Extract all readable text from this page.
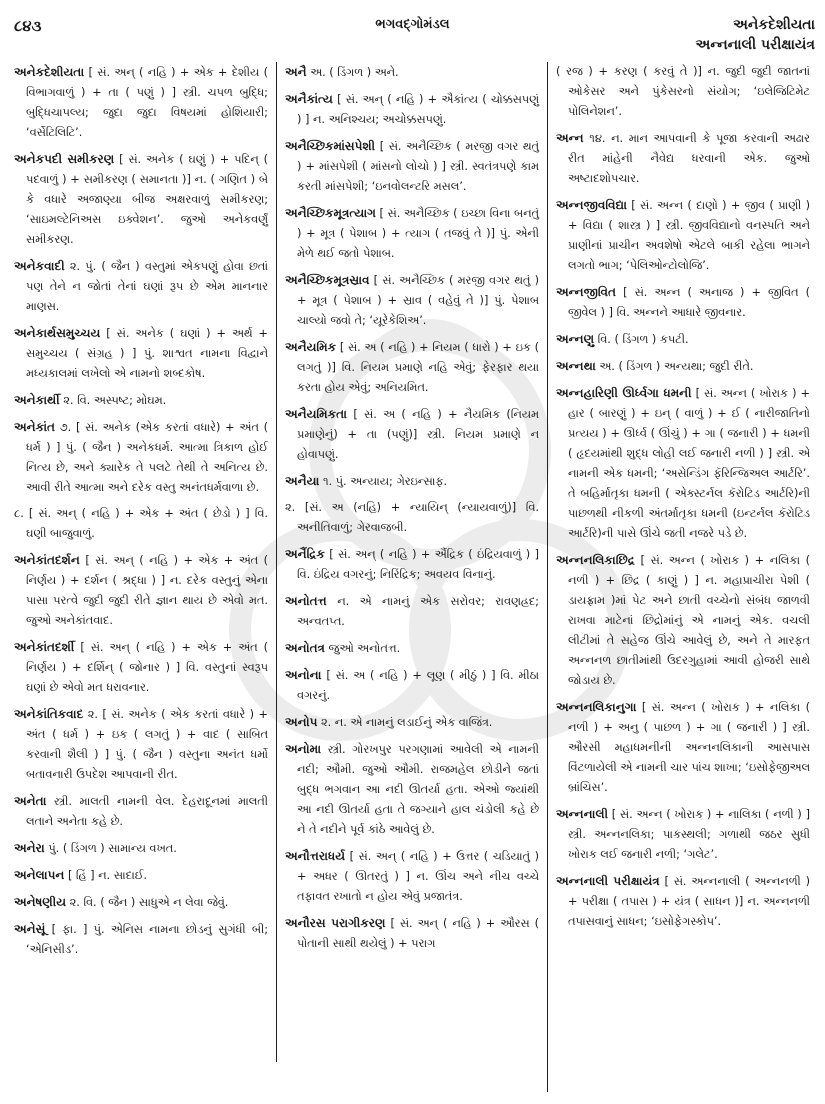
૮૪૩	ભગવદ્ગોમંડલ	અનેકદેશીયતા
અન્નનાલી પરીક્ષાયંત્ર

અનેકદેશીયતા [ સં. અન્ ( નહિ ) + એક + દેશીય ( વિભાગવાળું ) + તા ( પણું ) ] સ્ત્રી. ચપળ બુદ્ધિ; બુદ્ધિચાપલ્ય; જુદા જુદા વિષયમાં હોશિયારી; ‘વર્સેટિલિટિ’.

અનેકપદી સમીકરણ [ સં. અનેક ( ઘણું ) + પદિન્ ( પદવાળું ) + સમીકરણ ( સમાનતા )] ન. ( ગણિત ) બે કે વધારે અજાણ્યા બીજ અક્ષરવાળું સમીકરણ; ‘સાઇમલ્ટેનિઅસ ઇક્વેશન’. જુઓ અનેકવર્ણું સમીકરણ.

અનેકવાદી ૨. પું. ( જૈન ) વસ્તુમાં એકપણું હોવા છતાં પણ તેને ન જોતાં તેનાં ઘણાં રૂપ છે એમ માનનાર માણસ.

અનેકાર્થસમુચ્ચય [ સં. અનેક ( ઘણાં ) + અર્થ + સમુચ્ચય ( સંગ્રહ ) ] પું. શાશ્વત નામના વિદ્વાને મધ્યકાલમાં લખેલો એ નામનો શબ્દકોષ.

અનેકાર્થી ૨. વિ. અસ્પષ્ટ; મોઘમ.

અનેકાંત ૭. [ સં. અનેક (એક કરતાં વધારે) + અંત ( ધર્મ ) ] પું. ( જૈન ) અનેકધર્મ. આત્મા ત્રિકાળ હોઈ નિત્ય છે, અને ક્યારેક તે પલટે તેથી તે અનિત્ય છે. આવી રીતે આત્મા અને દરેક વસ્તુ અનંતધર્મવાળા છે.

૮. [ સં. અન્ ( નહિ ) + એક + અંત ( છેડો ) ] વિ. ઘણી બાજુવાળું.

અનેકાંતદર્શન [ સં. અન્ ( નહિ ) + એક + અંત ( નિર્ણય ) + દર્શન ( શ્રદ્ધા ) ] ન. દરેક વસ્તુનું એના પાસા પરત્વે જુદી જુદી રીતે જ્ઞાન થાય છે એવો મત. જુઓ અનેકાંતવાદ.

અનેકાંતદર્શી [ સં. અન્ ( નહિ ) + એક + અંત ( નિર્ણય ) + દર્શિન્ ( જોનાર ) ] વિ. વસ્તુનાં સ્વરૂપ ઘણાં છે એવો મત ધરાવનાર.

અનેકાંતિકવાદ ૨. [ સં. અનેક ( એક કરતાં વધારે ) + અંત ( ધર્મ ) + ઇક ( લગતું ) + વાદ ( સાબિત કરવાની શૈલી ) ] પું. ( જૈન ) વસ્તુના અનંત ધર્મો બતાવનારી ઉપદેશ આપવાની રીત.

અનેતા સ્ત્રી. માલતી નામની વેલ. દેહરાદૂનમાં માલતી લતાને અનેતા કહે છે.

અનેરા પું. ( ડિંગળ ) સામાન્ય વખત.

અનેલાપન [ હિં ] ન. સાદાઈ.

અનેષણીય ૨. વિ. ( જૈન ) સાધુએ ન લેવા જેવું.

અનેસૂં [ ફા. ] પું. એનિસ નામના છોડનું સુગંધી બી; ‘એનિસીડ’.

અનૈ અ. ( ડિંગળ ) અને.

અનૈકાંત્ય [ સં. અન્ ( નહિ ) + ઐકાંત્ય ( ચોક્કસપણું ) ] ન. અનિશ્ચય; અચોક્કસપણું.

અનૈચ્છિકમાંસપેશી [ સં. અનૈચ્છિક ( મરજી વગર થતું ) + માંસપેશી ( માંસનો લોચો ) ] સ્ત્રી. સ્વતંત્રપણે કામ કરતી માંસપેશી; ‘ઇનવોલન્ટરિ મસલ’.

અનૈચ્છિકમૂત્રત્યાગ [ સં. અનૈચ્છિક ( ઇચ્છા વિના બનતું ) + મૂત્ર ( પેશાબ ) + ત્યાગ ( તજવું તે )] પું. એની મેળે થઈ જતો પેશાબ.

અનૈચ્છિકમૂત્રસ્રાવ [ સં. અનૈચ્છિક ( મરજી વગર થતું ) + મૂત્ર ( પેશાબ ) + સ્રાવ ( વહેવું તે )] પું. પેશાબ ચાલ્યો જવો તે; ‘યૂરેકેશિઅ’.

અનૈયમિક [ સં. અ ( નહિ ) + નિયમ ( ધારો ) + ઇક ( લગતું )] વિ. નિયમ પ્રમાણે નહિ એવું; ફેરફાર થયા કરતા હોય એવું; અનિયમિત.

અનૈયમિકતા [ સં. અ ( નહિ ) + નૈયમિક (નિયમ પ્રમાણેનું) + તા (પણું)] સ્ત્રી. નિયમ પ્રમાણે ન હોવાપણું.

અનૈયા ૧. પું. અન્યાય; ગેરઇન્સાફ.

૨. [સં. અ (નહિ) + ન્યાયિન્ (ન્યાયવાળું)] વિ. અનીતિવાળું; ગેરવાજબી.

અનૈંદ્રિક [ સં. અન્ ( નહિ ) + ઐંદ્રિક ( ઇંદ્રિયવાળું ) ] વિ. ઇંદ્રિય વગરનું; નિરિંદ્રિક; અવયવ વિનાનું.

અનોતત્ત ન. એ નામનું એક સરોવર; રાવણહ્રદ; અન્વતપ્ત.

અનોતત્ર જુઓ અનોતત્ત.

અનોના [ સં. અ ( નહિ ) + લૂણ ( મીઠું ) ] વિ. મીઠા વગરનું.

અનોપ ૨. ન. એ નામનું લડાઈનું એક વાજિંત્ર.

અનોમા સ્ત્રી. ગોરખપુર પરગણામાં આવેલી એ નામની નદી; ઔમી. જુઓ ઔમી. રાજમહેલ છોડીને જતાં બુદ્ધ ભગવાન આ નદી ઊતર્યા હતા. એઓ જ્યાંથી આ નદી ઊતર્યા હતા તે જગ્યાને હાલ ચંડોલી કહે છે ને તે નદીને પૂર્વ કાંઠે આવેલું છે.

અનૌત્તરાધર્ય [ સં. અન્ ( નહિ ) + ઉત્તર ( ચડિયાતું ) + અધર ( ઊતરતું ) ] ન. ઊંચ અને નીચ વચ્ચે તફાવત રખાતો ન હોય એવું પ્રજાતંત્ર.

અનૌરસ પરાગીકરણ [ સં. અન્ ( નહિ ) + ઔરસ ( પોતાની સાથી થયેલું ) + પરાગ

( રજ ) + કરણ ( કરવું તે )] ન. જુદી જુદી જાતનાં ઓકેસર અને પુંકેસરનો સંયોગ; ‘ઇલેજિટિમેટ પોલિનેશન’.

અન્ન ૧૪. ન. માન આપવાની કે પૂજા કરવાની અઢાર રીત માંહેની નૈવેદ્ય ધરવાની એક. જુઓ અષ્ટાદશોપચાર.

અન્નજીવવિદ્યા [ સં. અન્ન ( દાણો ) + જીવ ( પ્રાણી ) + વિદ્યા ( શાસ્ત્ર ) ] સ્ત્રી. જીવવિદ્યાનો વનસ્પતિ અને પ્રાણીનાં પ્રાચીન અવશેષો એટલે બાકી રહેલા ભાગને લગતો ભાગ; ‘પેલિઓન્ટોલોજિ’.

અન્નજીવિત [ સં. અન્ન ( અનાજ ) + જીવિત ( જીવેલ ) ] વિ. અન્નને આધારે જીવનાર.

અન્નણુ વિ. ( ડિંગળ ) કપટી.

અન્નથા અ. ( ડિંગળ ) અન્યથા; જુદી રીતે.

અન્નહારિણી ઊર્ધ્વગા ધમની [ સં. અન્ન ( ખોરાક ) + હાર ( બારણું ) + ઇન્ ( વાળું ) + ઈ ( નારીજાતિનો પ્રત્યય ) + ઊર્ધ્વ ( ઊંચું ) + ગા ( જનારી ) + ધમની ( હૃદયમાંથી શુદ્ધ લોહી લઈ જનારી નળી ) ] સ્ત્રી. એ નામની એક ધમની; ‘અસેન્ડિંગ ફૅરિન્જિઅલ આર્ટરિ’. તે બહિર્માતૃકા ધમની ( એક્સ્ટર્નલ કૅરોટિડ આર્ટરિ)ની પાછળથી નીકળી અંતર્માતૃકા ધમની (ઇન્ટર્નલ કૅરોટિડ આર્ટરિ)ની પાસે ઊંચે જતી નજરે પડે છે.

અન્નનલિકાછિદ્ર [ સં. અન્ન ( ખોરાક ) + નલિકા ( નળી ) + છિદ્ર ( કાણું ) ] ન. મહાપ્રાચીરા પેશી ( ડાયફ્રામ )માં પેટ અને છાતી વચ્ચેનો સંબંધ જાળવી રાખવા માટેનાં છિદ્રોમાંનું એ નામનું એક. વચલી લીટીમાં તે સહેજ ઊંચે આવેલું છે, અને તે મારફત અન્નનળ છાતીમાંથી ઉદરગુહામાં આવી હોજરી સાથે જોડાય છે.

અન્નનલિકાનુગા [ સં. અન્ન ( ખોરાક ) + નલિકા ( નળી ) + અનુ ( પાછળ ) + ગા ( જનારી ) ] સ્ત્રી. ઔરસી મહાધમનીની અન્નનલિકાની આસપાસ વિંટળાયેલી એ નામની ચાર પાંચ શાખા; ‘ઇસોફેજીઅલ બ્રાંચિસ’.

અન્નનાલી [ સં. અન્ન ( ખોરાક ) + નાલિકા ( નળી ) ] સ્ત્રી. અન્નનલિકા; પાકસ્થલી; ગળાથી જઠર સુધી ખોરાક લઈ જનારી નળી; ‘ગલેટ’.

અન્નનાલી પરીક્ષાયંત્ર [ સં. અન્નનાલી ( અન્નનળી ) + પરીક્ષા ( તપાસ ) + યંત્ર ( સાધન )] ન. અન્નનળી તપાસવાનું સાધન; ‘ઇસોફેગસ્કોપ’.
